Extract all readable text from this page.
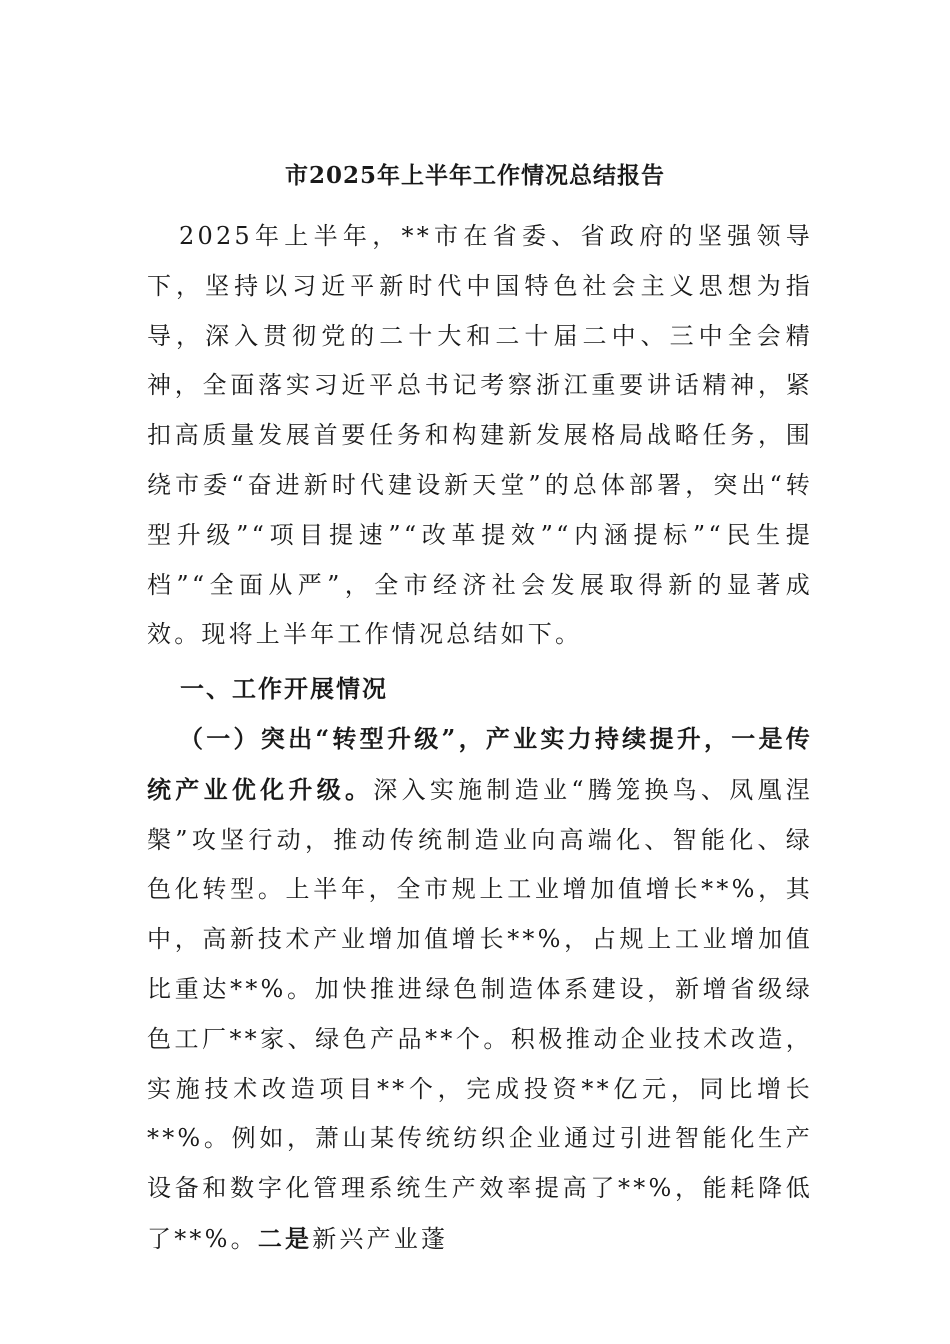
市2025年上半年工作情况总结报告

2025年上半年，**市在省委、省政府的坚强领导下，坚持以习近平新时代中国特色社会主义思想为指导，深入贯彻党的二十大和二十届二中、三中全会精神，全面落实习近平总书记考察浙江重要讲话精神，紧扣高质量发展首要任务和构建新发展格局战略任务，围绕市委“奋进新时代建设新天堂”的总体部署，突出“转型升级”“项目提速”“改革提效”“内涵提标”“民生提档”“全面从严”，全市经济社会发展取得新的显著成效。现将上半年工作情况总结如下。

一、工作开展情况

（一）突出“转型升级”，产业实力持续提升，一是传统产业优化升级。深入实施制造业“腾笼换鸟、凤凰涅槃”攻坚行动，推动传统制造业向高端化、智能化、绿色化转型。上半年，全市规上工业增加值增长**%，其中，高新技术产业增加值增长**%，占规上工业增加值比重达**%。加快推进绿色制造体系建设，新增省级绿色工厂**家、绿色产品**个。积极推动企业技术改造，实施技术改造项目**个，完成投资**亿元，同比增长**%。例如，萧山某传统纺织企业通过引进智能化生产设备和数字化管理系统生产效率提高了**%，能耗降低了**%。二是新兴产业蓬
